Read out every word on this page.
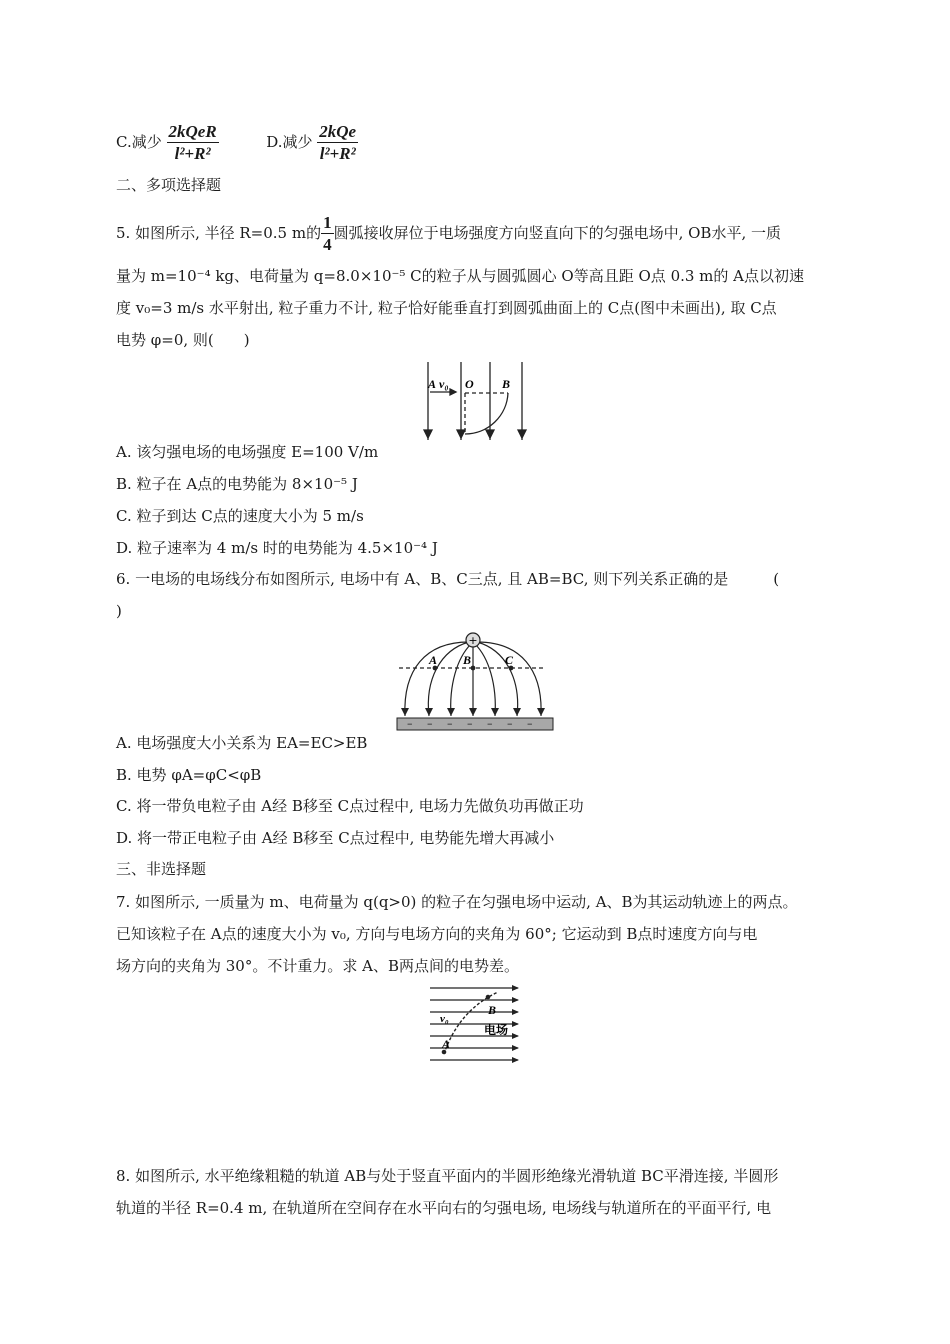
C.减少 $\frac{\text{2kQeR}}{\text{l²+R²}}$	D.减少 $\frac{\text{2kQe}}{\text{l²+R²}}$
二、多项选择题
5. 如图所示, 半径 R=0.5 m的 $\frac{1}{4}$ 圆弧接收屏位于电场强度方向竖直向下的匀强电场中, OB水平, 一质
量为 m=10⁻⁴ kg、电荷量为 q=8.0×10⁻⁵ C的粒子从与圆弧圆心 O等高且距 O点 0.3 m的 A点以初速
度 v₀=3 m/s 水平射出, 粒子重力不计, 粒子恰好能垂直打到圆弧曲面上的 C点(图中未画出), 取 C点
电势 φ=0, 则(　　)
A v₀ O B
A. 该匀强电场的电场强度 E=100 V/m
B. 粒子在 A点的电势能为 8×10⁻⁵ J
C. 粒子到达 C点的速度大小为 5 m/s
D. 粒子速率为 4 m/s 时的电势能为 4.5×10⁻⁴ J
6. 一电场的电场线分布如图所示, 电场中有 A、B、C三点, 且 AB=BC, 则下列关系正确的是　　　(
)
+
A B	C
– – – – – – –
A. 电场强度大小关系为 EA=EC>EB
B. 电势 φA=φC<φB
C. 将一带负电粒子由 A经 B移至 C点过程中, 电场力先做负功再做正功
D. 将一带正电粒子由 A经 B移至 C点过程中, 电势能先增大再减小
三、非选择题
7. 如图所示, 一质量为 m、电荷量为 q(q>0) 的粒子在匀强电场中运动, A、B为其运动轨迹上的两点。
已知该粒子在 A点的速度大小为 v₀, 方向与电场方向的夹角为 60°; 它运动到 B点时速度方向与电
场方向的夹角为 30°。不计重力。求 A、B两点间的电势差。
B
v₀
电场
A
8. 如图所示, 水平绝缘粗糙的轨道 AB与处于竖直平面内的半圆形绝缘光滑轨道 BC平滑连接, 半圆形
轨道的半径 R=0.4 m, 在轨道所在空间存在水平向右的匀强电场, 电场线与轨道所在的平面平行, 电
